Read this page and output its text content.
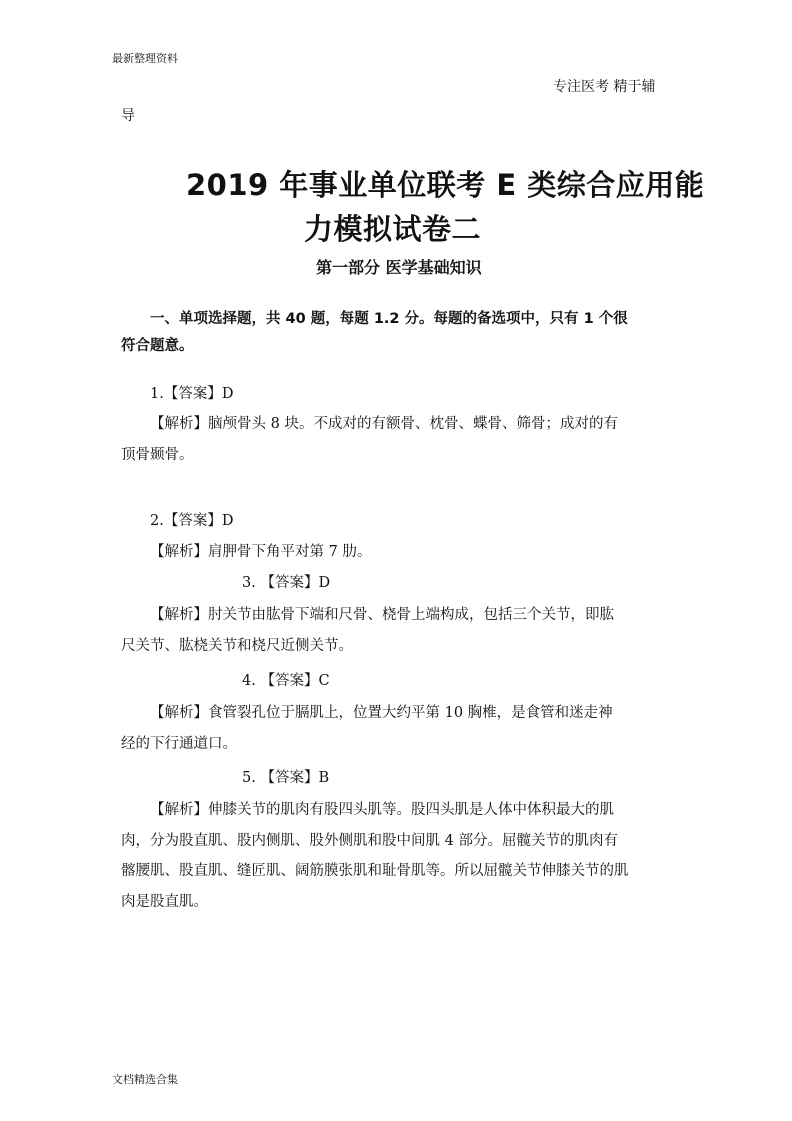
最新整理资料
专注医考 精于辅
导
2019 年事业单位联考 E 类综合应用能
力模拟试卷二
第一部分 医学基础知识
一、单项选择题，共 40 题，每题 1.2 分。每题的备选项中，只有 1 个很
符合题意。
1.【答案】D
【解析】脑颅骨头 8 块。不成对的有额骨、枕骨、蝶骨、筛骨；成对的有
顶骨颞骨。
2.【答案】D
【解析】肩胛骨下角平对第 7 肋。
3. 【答案】D
【解析】肘关节由肱骨下端和尺骨、桡骨上端构成，包括三个关节，即肱
尺关节、肱桡关节和桡尺近侧关节。
4. 【答案】C
【解析】食管裂孔位于膈肌上，位置大约平第 10 胸椎，是食管和迷走神
经的下行通道口。
5. 【答案】B
【解析】伸膝关节的肌肉有股四头肌等。股四头肌是人体中体积最大的肌
肉，分为股直肌、股内侧肌、股外侧肌和股中间肌 4 部分。屈髋关节的肌肉有
髂腰肌、股直肌、缝匠肌、阔筋膜张肌和耻骨肌等。所以屈髋关节伸膝关节的肌
肉是股直肌。
文档精选合集
